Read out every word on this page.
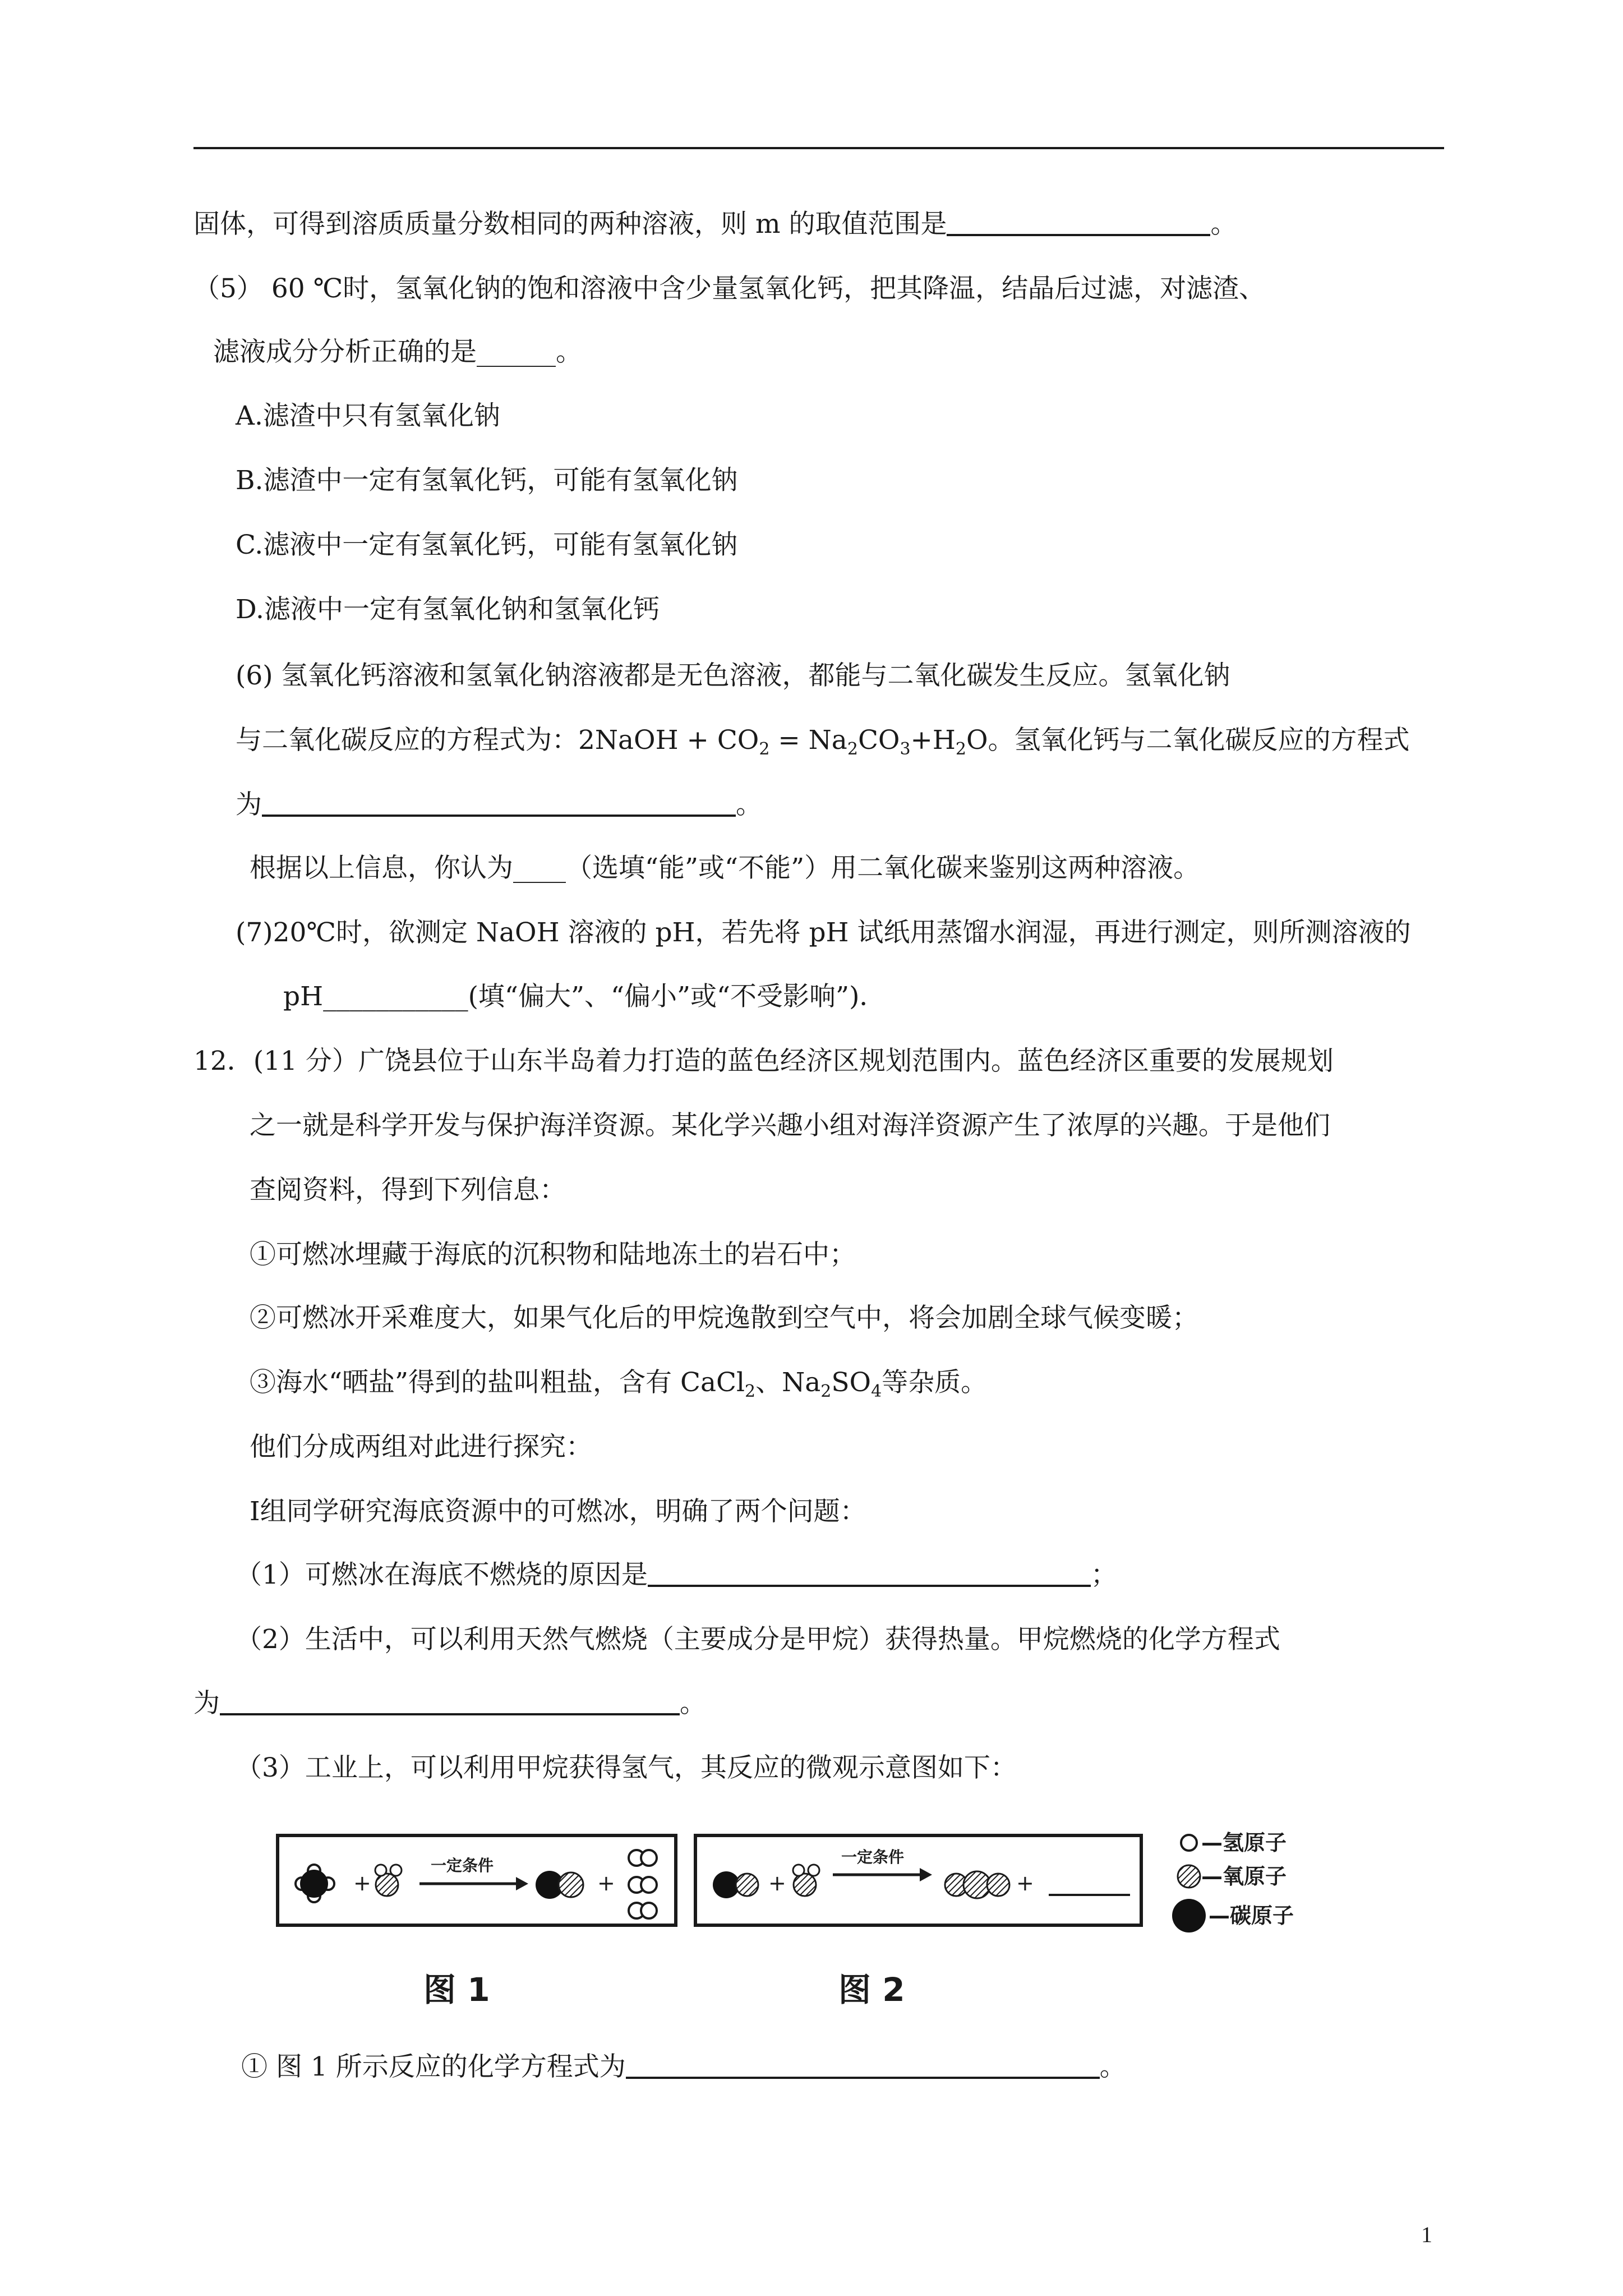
固体，可得到溶质质量分数相同的两种溶液，则 m 的取值范围是	。
（5） 60 ℃时，氢氧化钠的饱和溶液中含少量氢氧化钙，把其降温，结晶后过滤，对滤渣、
滤液成分分析正确的是______。
A.滤渣中只有氢氧化钠
B.滤渣中一定有氢氧化钙，可能有氢氧化钠
C.滤液中一定有氢氧化钙，可能有氢氧化钠
D.滤液中一定有氢氧化钠和氢氧化钙
(6) 氢氧化钙溶液和氢氧化钠溶液都是无色溶液，都能与二氧化碳发生反应。氢氧化钠
与二氧化碳反应的方程式为：2NaOH + $CO_2 = Na_2CO_3+H_2O$。氢氧化钙与二氧化碳反应的方程式
为	。
根据以上信息，你认为____（选填“能”或“不能”）用二氧化碳来鉴别这两种溶液。
(7)20℃时，欲测定 NaOH 溶液的 pH，若先将 pH 试纸用蒸馏水润湿，再进行测定，则所测溶液的
pH___________(填“偏大”、“偏小”或“不受影响”)．
12．(11 分）广饶县位于山东半岛着力打造的蓝色经济区规划范围内。蓝色经济区重要的发展规划
之一就是科学开发与保护海洋资源。某化学兴趣小组对海洋资源产生了浓厚的兴趣。于是他们
查阅资料，得到下列信息：
①可燃冰埋藏于海底的沉积物和陆地冻土的岩石中；
②可燃冰开采难度大，如果气化后的甲烷逸散到空气中，将会加剧全球气候变暖；
③海水“晒盐”得到的盐叫粗盐，含有 CaCl$_2$、$Na_2SO_4$等杂质。
他们分成两组对此进行探究：
Ⅰ组同学研究海底资源中的可燃冰，明确了两个问题：
（1）可燃冰在海底不燃烧的原因是	；
（2）生活中，可以利用天然气燃烧（主要成分是甲烷）获得热量。甲烷燃烧的化学方程式
为	。
（3）工业上，可以利用甲烷获得氢气，其反应的微观示意图如下：
+
一定条件
+	+
一定条件
+
—氢原子
—氧原子
—碳原子
图 1	图 2
① 图 1 所示反应的化学方程式为	。
1
